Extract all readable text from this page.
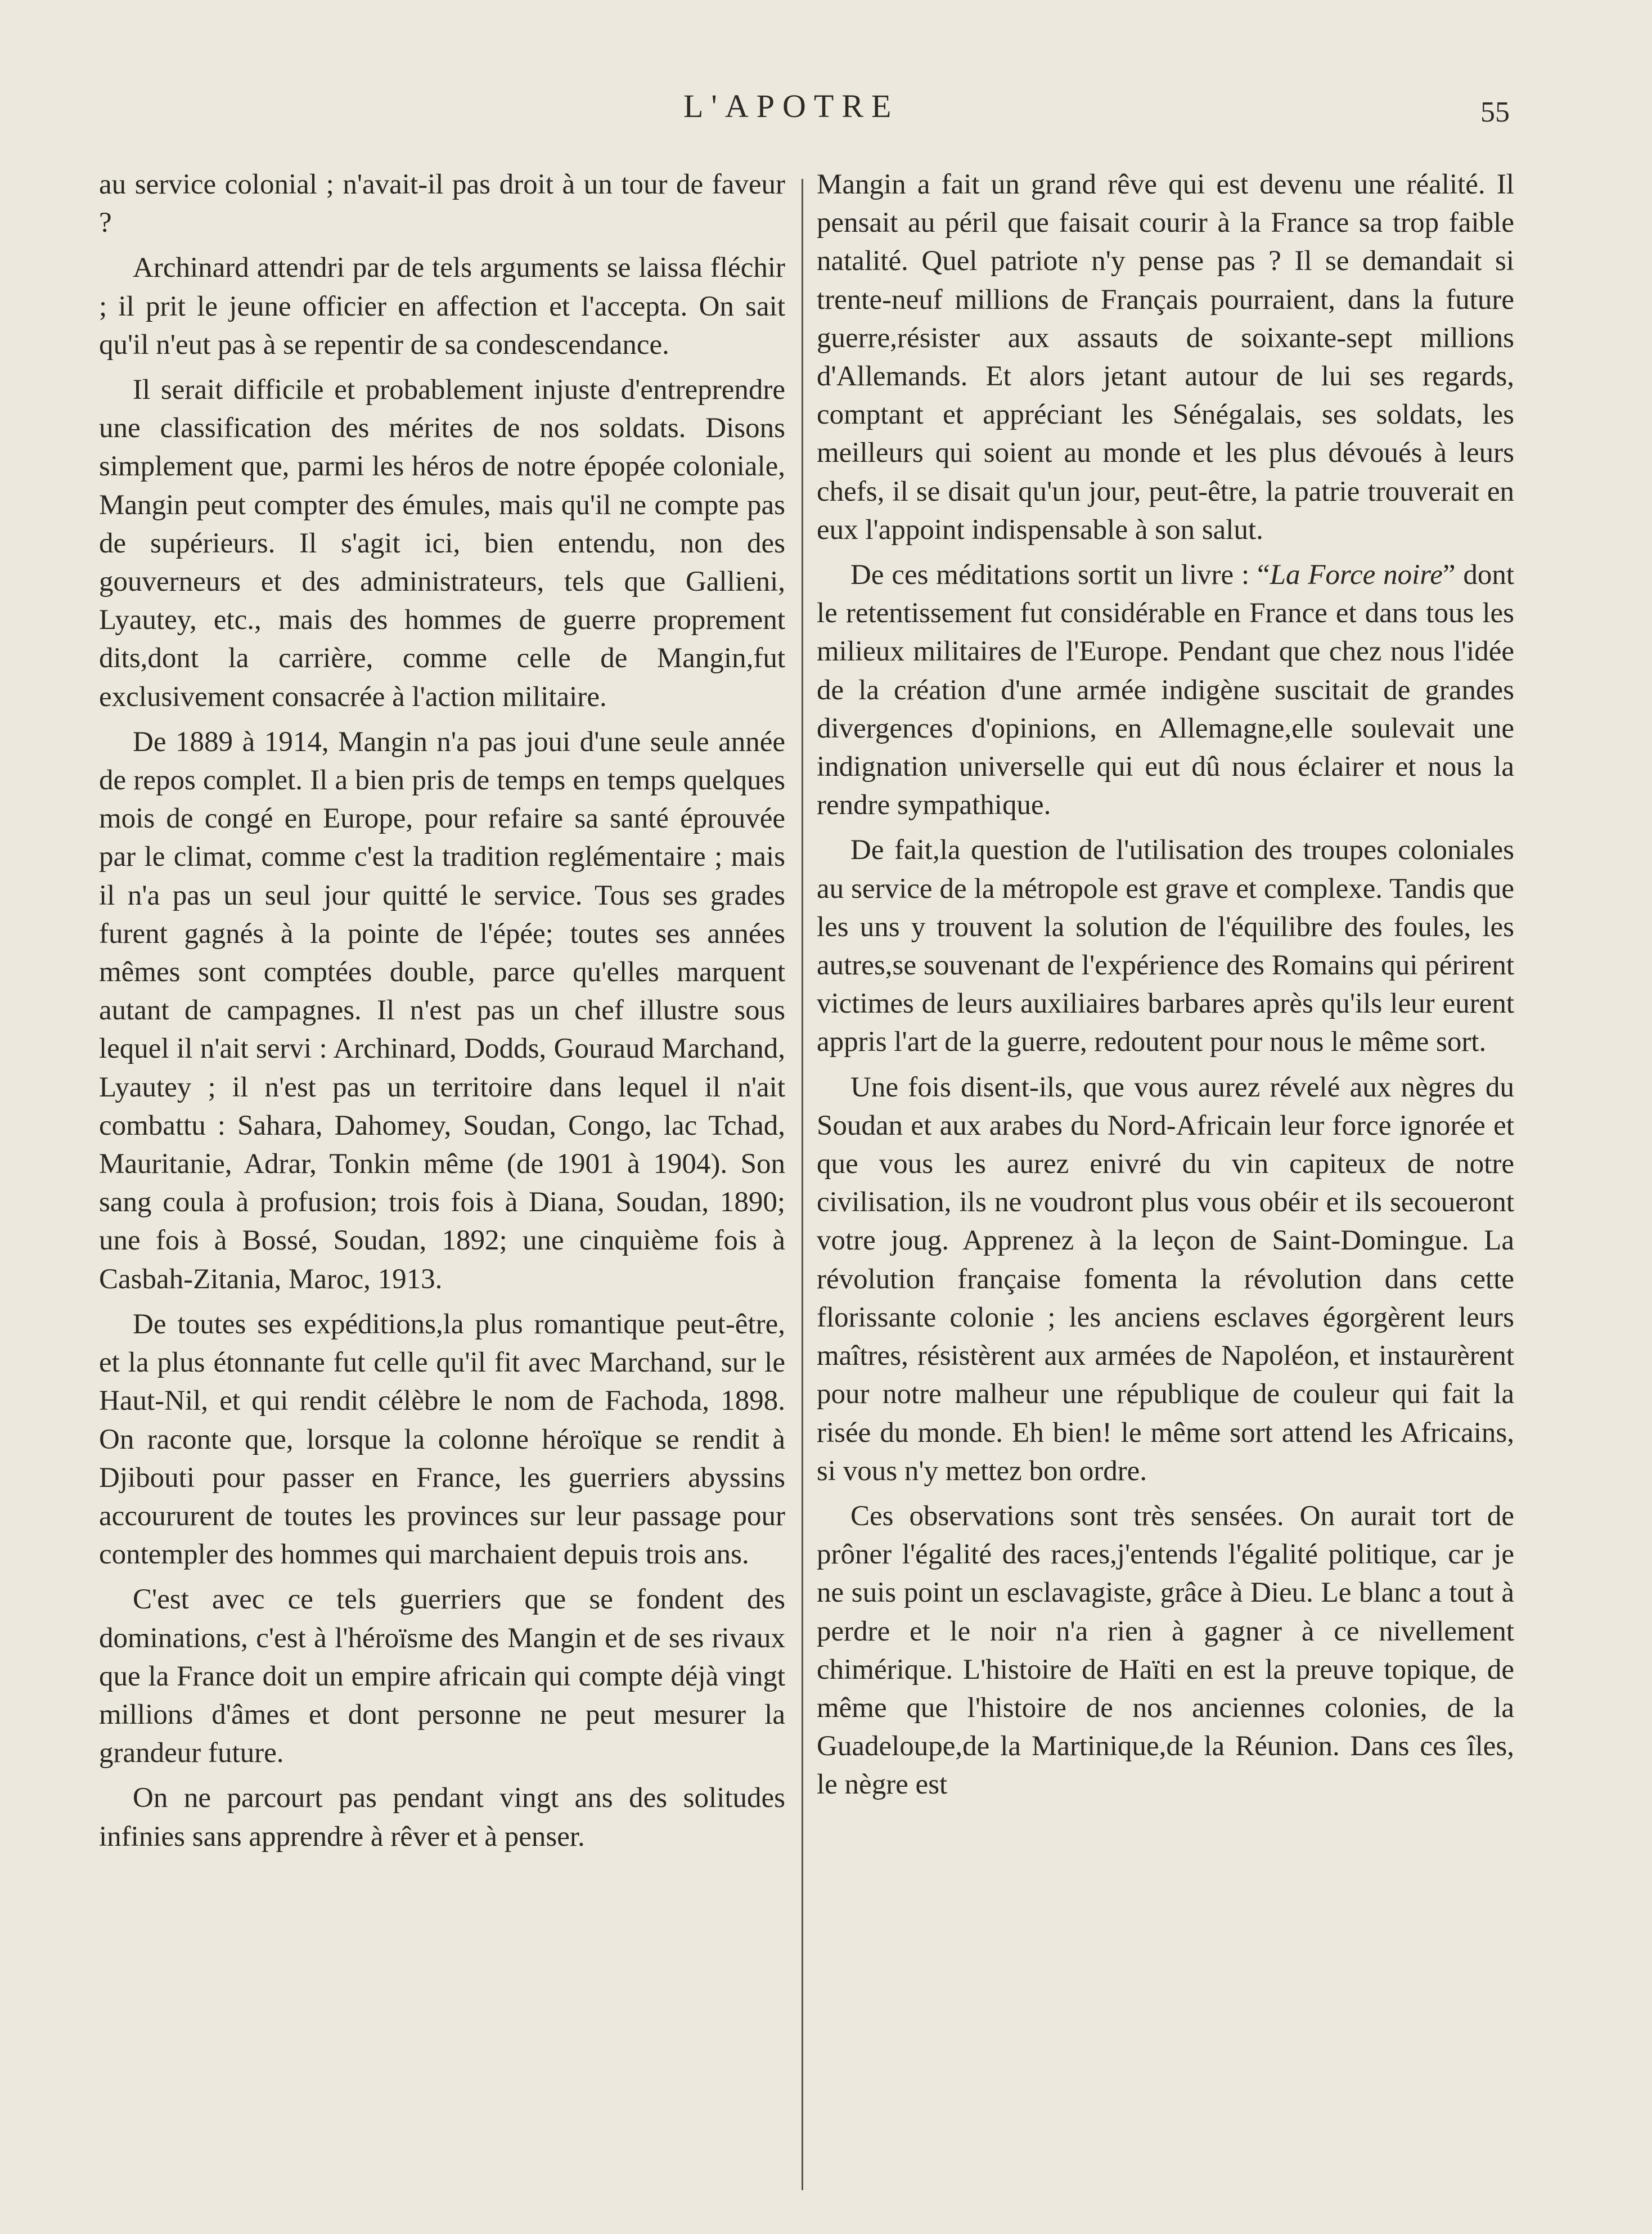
L'APOTRE	55

au service colonial ; n'avait-il pas droit à un tour de faveur ?

Archinard attendri par de tels arguments se laissa fléchir ; il prit le jeune officier en affection et l'accepta. On sait qu'il n'eut pas à se repentir de sa condescendance.

Il serait difficile et probablement injuste d'entreprendre une classification des mérites de nos soldats. Disons simplement que, parmi les héros de notre épopée coloniale, Mangin peut compter des émules, mais qu'il ne compte pas de supérieurs. Il s'agit ici, bien entendu, non des gouverneurs et des administrateurs, tels que Gallieni, Lyautey, etc., mais des hommes de guerre proprement dits,dont la carrière, comme celle de Mangin,fut exclusivement consacrée à l'action militaire.

De 1889 à 1914, Mangin n'a pas joui d'une seule année de repos complet. Il a bien pris de temps en temps quelques mois de congé en Europe, pour refaire sa santé éprouvée par le climat, comme c'est la tradition reglémentaire ; mais il n'a pas un seul jour quitté le service. Tous ses grades furent gagnés à la pointe de l'épée; toutes ses années mêmes sont comptées double, parce qu'elles marquent autant de campagnes. Il n'est pas un chef illustre sous lequel il n'ait servi : Archinard, Dodds, Gouraud Marchand, Lyautey ; il n'est pas un territoire dans lequel il n'ait combattu : Sahara, Dahomey, Soudan, Congo, lac Tchad, Mauritanie, Adrar, Tonkin même (de 1901 à 1904). Son sang coula à profusion; trois fois à Diana, Soudan, 1890; une fois à Bossé, Soudan, 1892; une cinquième fois à Casbah-Zitania, Maroc, 1913.

De toutes ses expéditions,la plus romantique peut-être, et la plus étonnante fut celle qu'il fit avec Marchand, sur le Haut-Nil, et qui rendit célèbre le nom de Fachoda, 1898. On raconte que, lorsque la colonne héroïque se rendit à Djibouti pour passer en France, les guerriers abyssins accoururent de toutes les provinces sur leur passage pour contempler des hommes qui marchaient depuis trois ans.

C'est avec ce tels guerriers que se fondent des dominations, c'est à l'héroïsme des Mangin et de ses rivaux que la France doit un empire africain qui compte déjà vingt millions d'âmes et dont personne ne peut mesurer la grandeur future.

On ne parcourt pas pendant vingt ans des solitudes infinies sans apprendre à rêver et à penser.

Mangin a fait un grand rêve qui est devenu une réalité. Il pensait au péril que faisait courir à la France sa trop faible natalité. Quel patriote n'y pense pas ? Il se demandait si trente-neuf millions de Français pourraient, dans la future guerre,résister aux assauts de soixante-sept millions d'Allemands. Et alors jetant autour de lui ses regards, comptant et appréciant les Sénégalais, ses soldats, les meilleurs qui soient au monde et les plus dévoués à leurs chefs, il se disait qu'un jour, peut-être, la patrie trouverait en eux l'appoint indispensable à son salut.

De ces méditations sortit un livre : “La Force noire” dont le retentissement fut considérable en France et dans tous les milieux militaires de l'Europe. Pendant que chez nous l'idée de la création d'une armée indigène suscitait de grandes divergences d'opinions, en Allemagne,elle soulevait une indignation universelle qui eut dû nous éclairer et nous la rendre sympathique.

De fait,la question de l'utilisation des troupes coloniales au service de la métropole est grave et complexe. Tandis que les uns y trouvent la solution de l'équilibre des foules, les autres,se souvenant de l'expérience des Romains qui périrent victimes de leurs auxiliaires barbares après qu'ils leur eurent appris l'art de la guerre, redoutent pour nous le même sort.

Une fois disent-ils, que vous aurez révelé aux nègres du Soudan et aux arabes du Nord-Africain leur force ignorée et que vous les aurez enivré du vin capiteux de notre civilisation, ils ne voudront plus vous obéir et ils secoueront votre joug. Apprenez à la leçon de Saint-Domingue. La révolution française fomenta la révolution dans cette florissante colonie ; les anciens esclaves égorgèrent leurs maîtres, résistèrent aux armées de Napoléon, et instaurèrent pour notre malheur une république de couleur qui fait la risée du monde. Eh bien! le même sort attend les Africains, si vous n'y mettez bon ordre.

Ces observations sont très sensées. On aurait tort de prôner l'égalité des races,j'entends l'égalité politique, car je ne suis point un esclavagiste, grâce à Dieu. Le blanc a tout à perdre et le noir n'a rien à gagner à ce nivellement chimérique. L'histoire de Haïti en est la preuve topique, de même que l'histoire de nos anciennes colonies, de la Guadeloupe,de la Martinique,de la Réunion. Dans ces îles, le nègre est
